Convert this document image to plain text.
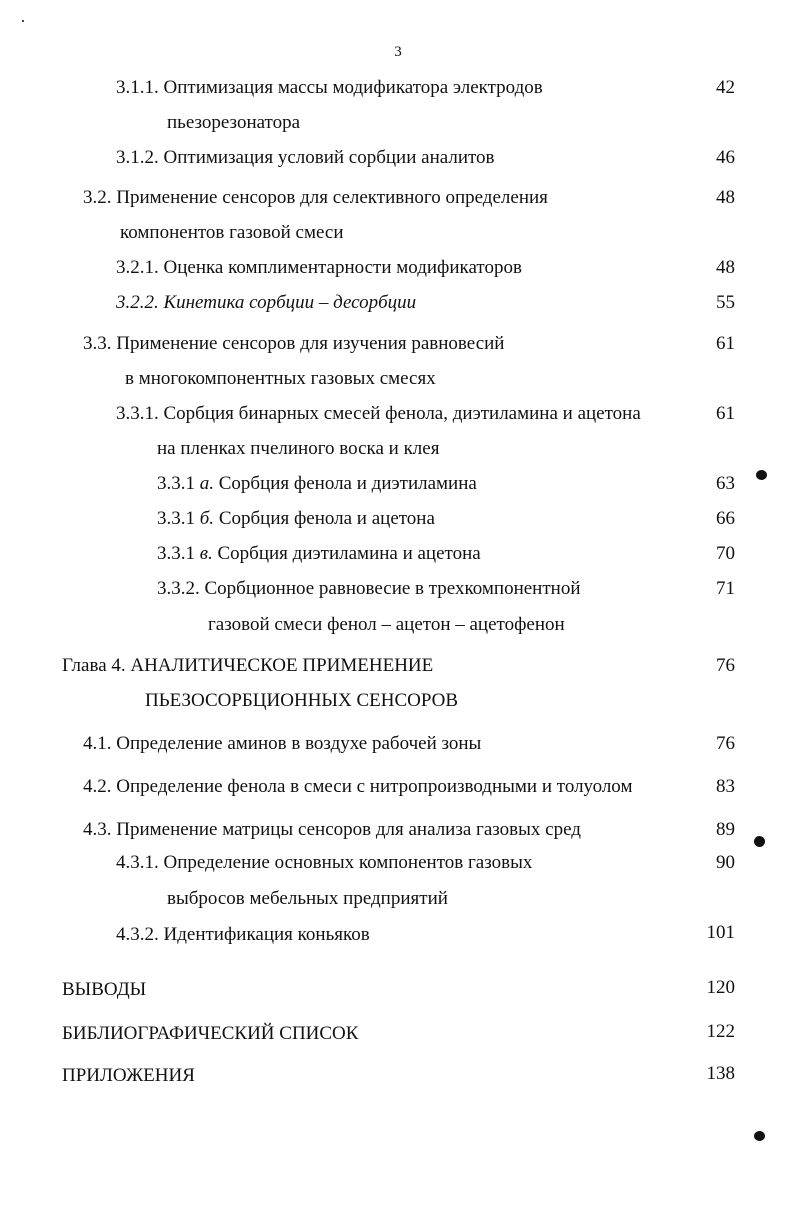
3
3.1.1. Оптимизация массы модификатора электродов	42
пьезорезонатора
3.1.2. Оптимизация условий сорбции аналитов	46
3.2. Применение сенсоров для селективного определения	48
компонентов газовой смеси
3.2.1. Оценка комплиментарности модификаторов	48
3.2.2. Кинетика сорбции – десорбции	55
3.3. Применение сенсоров для изучения равновесий	61
в многокомпонентных газовых смесях
3.3.1. Сорбция бинарных смесей фенола, диэтиламина и ацетона	61
на пленках пчелиного воска и клея
3.3.1 а. Сорбция фенола и диэтиламина	63
3.3.1 б. Сорбция фенола и ацетона	66
3.3.1 в. Сорбция диэтиламина и ацетона	70
3.3.2. Сорбционное равновесие в трехкомпонентной	71
газовой смеси фенол – ацетон – ацетофенон
Глава 4. АНАЛИТИЧЕСКОЕ ПРИМЕНЕНИЕ	76
ПЬЕЗОСОРБЦИОННЫХ СЕНСОРОВ
4.1. Определение аминов в воздухе рабочей зоны	76
4.2. Определение фенола в смеси с нитропроизводными и толуолом	83
4.3. Применение матрицы сенсоров для анализа газовых сред	89
4.3.1. Определение основных компонентов газовых	90
выбросов мебельных предприятий
4.3.2. Идентификация коньяков	101
ВЫВОДЫ	120
БИБЛИОГРАФИЧЕСКИЙ СПИСОК	122
ПРИЛОЖЕНИЯ	138
